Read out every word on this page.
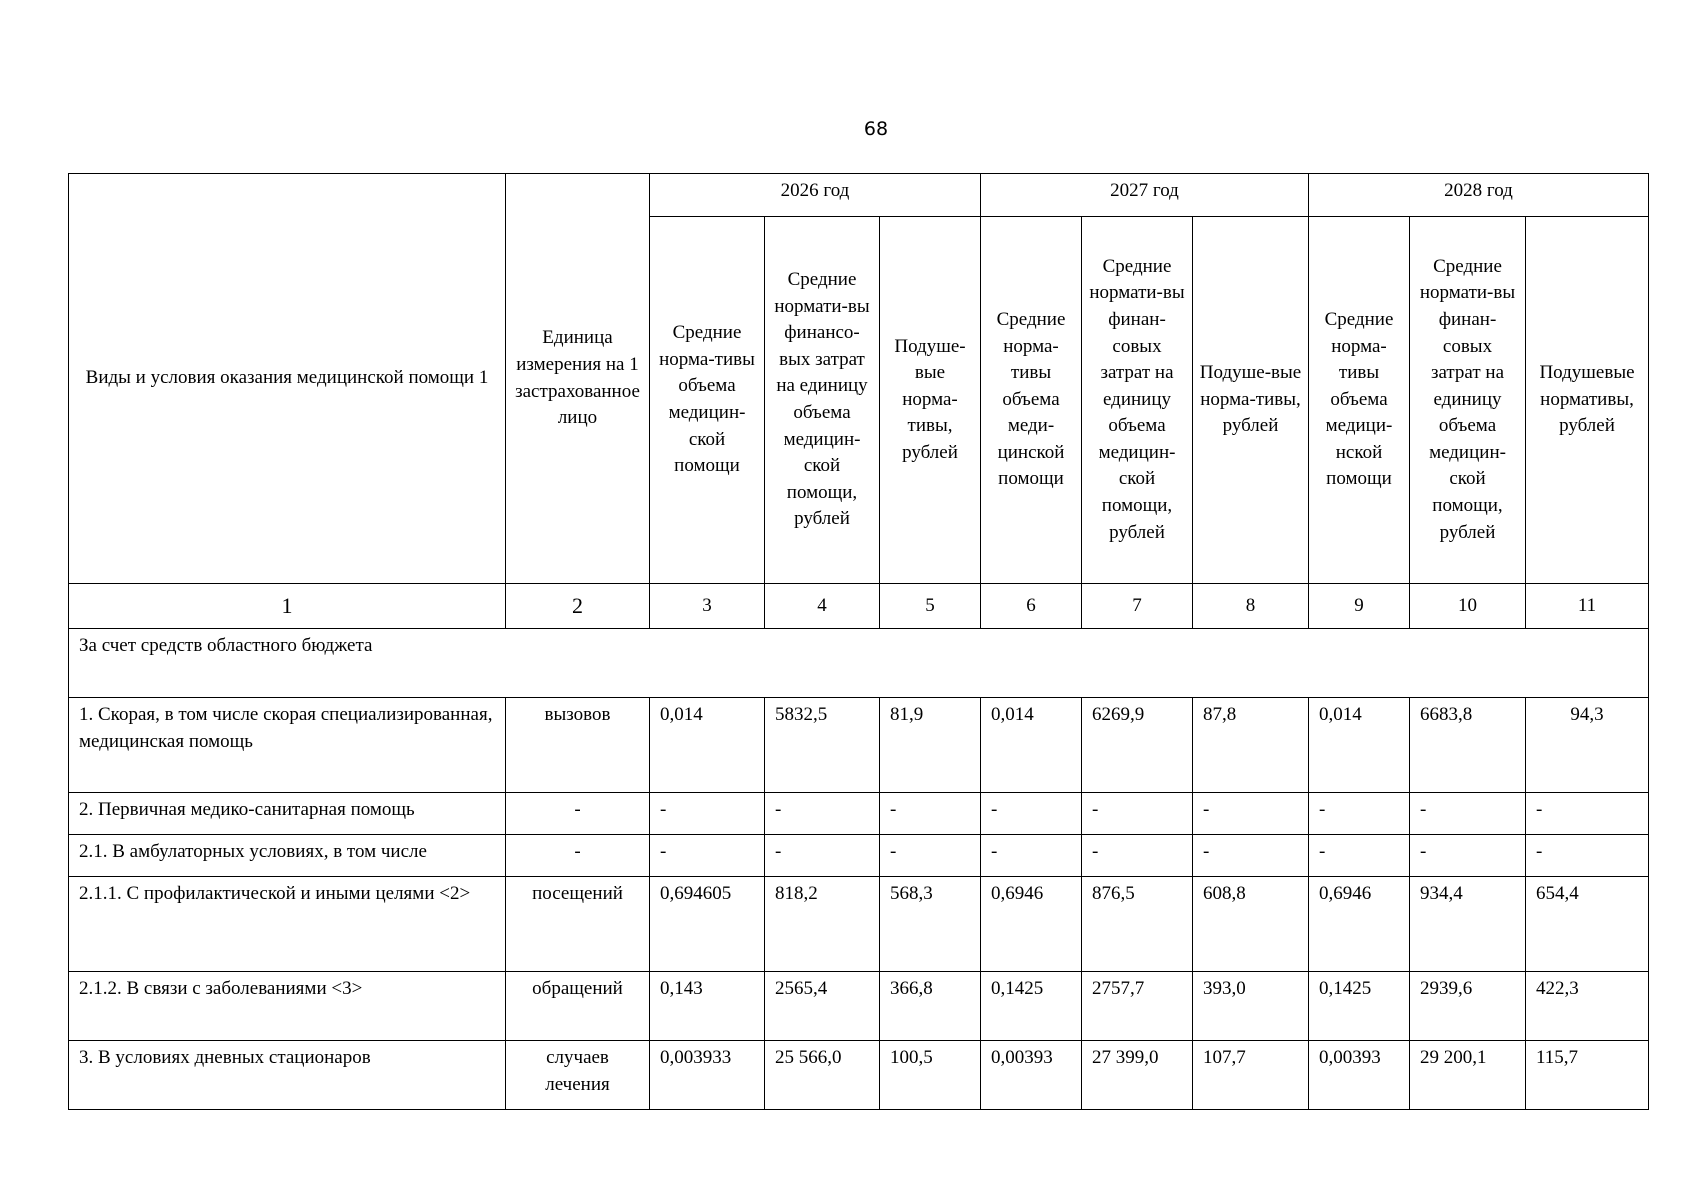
68
Виды и условия оказания медицинской помощи 1	Единица измерения на 1 застрахованное лицо	2026 год			2027 год			2028 год		
		Средние норма-тивы объема медицин-ской помощи	Средние нормати-вы финансо-вых затрат на единицу объема медицин-ской помощи, рублей	Подуше-вые норма-тивы, рублей	Средние норма-тивы объема меди-цинской помощи	Средние нормати-вы финан-совых затрат на единицу объема медицин-ской помощи, рублей	Подуше-вые норма-тивы, рублей	Средние норма-тивы объема медици-нской помощи	Средние нормати-вы финан-совых затрат на единицу объема медицин-ской помощи, рублей	Подушевые нормативы, рублей
1	2	3	4	5	6	7	8	9	10	11
За счет средств областного бюджета										
1. Скорая, в том числе скорая специализированная, медицинская помощь	вызовов	0,014	5832,5	81,9	0,014	6269,9	87,8	0,014	6683,8	94,3
2. Первичная медико-санитарная помощь	-	-	-	-	-	-	-	-	-	-
2.1. В амбулаторных условиях, в том числе	-	-	-	-	-	-	-	-	-	-
2.1.1. С профилактической и иными целями <2>	посещений	0,694605	818,2	568,3	0,6946	876,5	608,8	0,6946	934,4	654,4
2.1.2. В связи с заболеваниями <3>	обращений	0,143	2565,4	366,8	0,1425	2757,7	393,0	0,1425	2939,6	422,3
3. В условиях дневных стационаров	случаев лечения	0,003933	25 566,0	100,5	0,00393	27 399,0	107,7	0,00393	29 200,1	115,7
